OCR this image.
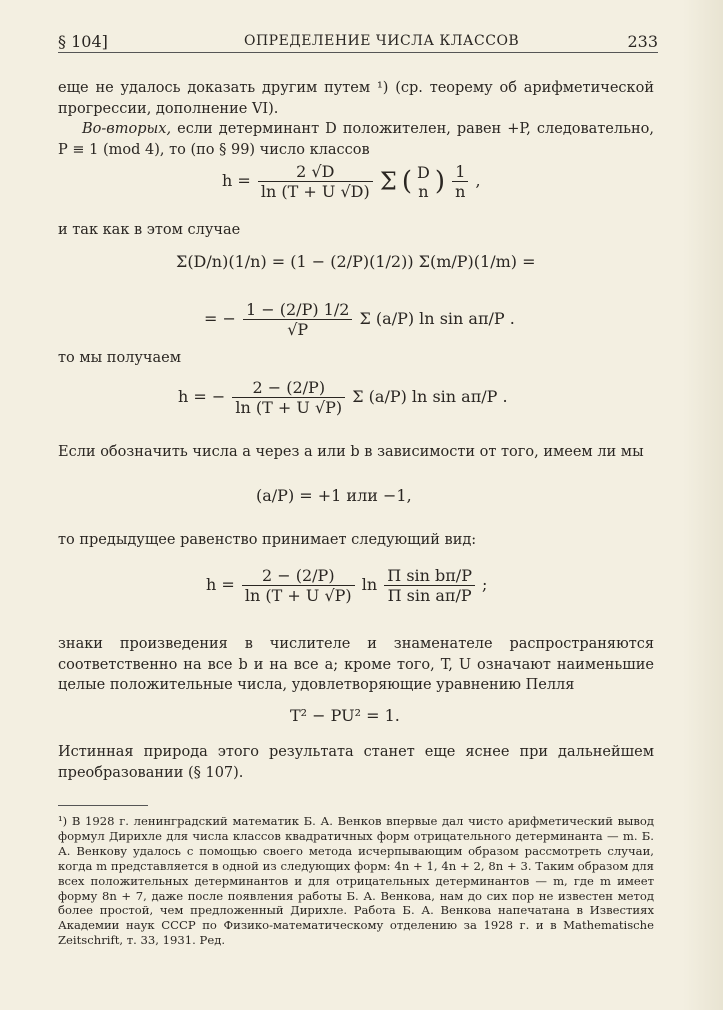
§ 104]	ОПРЕДЕЛЕНИЕ ЧИСЛА КЛАССОВ	233
еще не удалось доказать другим путем ¹) (ср. теорему об арифметической прогрессии, дополнение VI).
Во-вторых, если детерминант D положителен, равен +P, следовательно, P ≡ 1 (mod 4), то (по § 99) число классов
$h = \frac{2 √D}{\ln (T + U √D)}$ Σ ( D
n ) $\frac{1}{n}$ ,
и так как в этом случае
Σ(D/n)(1/n) = (1 − (2/P)(1/2)) Σ(m/P)(1/m) =
= − $\frac{1 - (2/P) 1/2}{√P}$ Σ (a/P) ln sin aπ/P .
то мы получаем
h = − $\frac{2 - (2/P)}{\ln (T + U √P)}$ Σ (a/P) ln sin aπ/P .
Если обозначить числа a через a или b в зависимости от того, имеем ли мы
(a/P) = +1 или −1,
то предыдущее равенство принимает следующий вид:
$h = \frac{2 - (2/P)}{\ln (T + U √P)}$ $\ln \frac{\text{Π sin bπ/P}}{\text{Π sin aπ/P}}$ ;
знаки произведения в числителе и знаменателе распространяются соответственно на все b и на все a; кроме того, T, U означают наименьшие целые положительные числа, удовлетворяющие уравнению Пелля
T² − PU² = 1.
Истинная природа этого результата станет еще яснее при дальнейшем преобразовании (§ 107).
¹) В 1928 г. ленинградский математик Б. А. Венков впервые дал чисто арифметический вывод формул Дирихле для числа классов квадратичных форм отрицательного детерминанта — m. Б. А. Венкову удалось с помощью своего метода исчерпывающим образом рассмотреть случаи, когда m представляется в одной из следующих форм: 4n + 1, 4n + 2, 8n + 3. Таким образом для всех положительных детерминантов и для отрицательных детерминантов — m, где m имеет форму 8n + 7, даже после появления работы Б. А. Венкова, нам до сих пор не известен метод более простой, чем предложенный Дирихле. Работа Б. А. Венкова напечатана в Известиях Академии наук СССР по Физико-математическому отделению за 1928 г. и в Mathematische Zeitschrift, т. 33, 1931. Ред.
